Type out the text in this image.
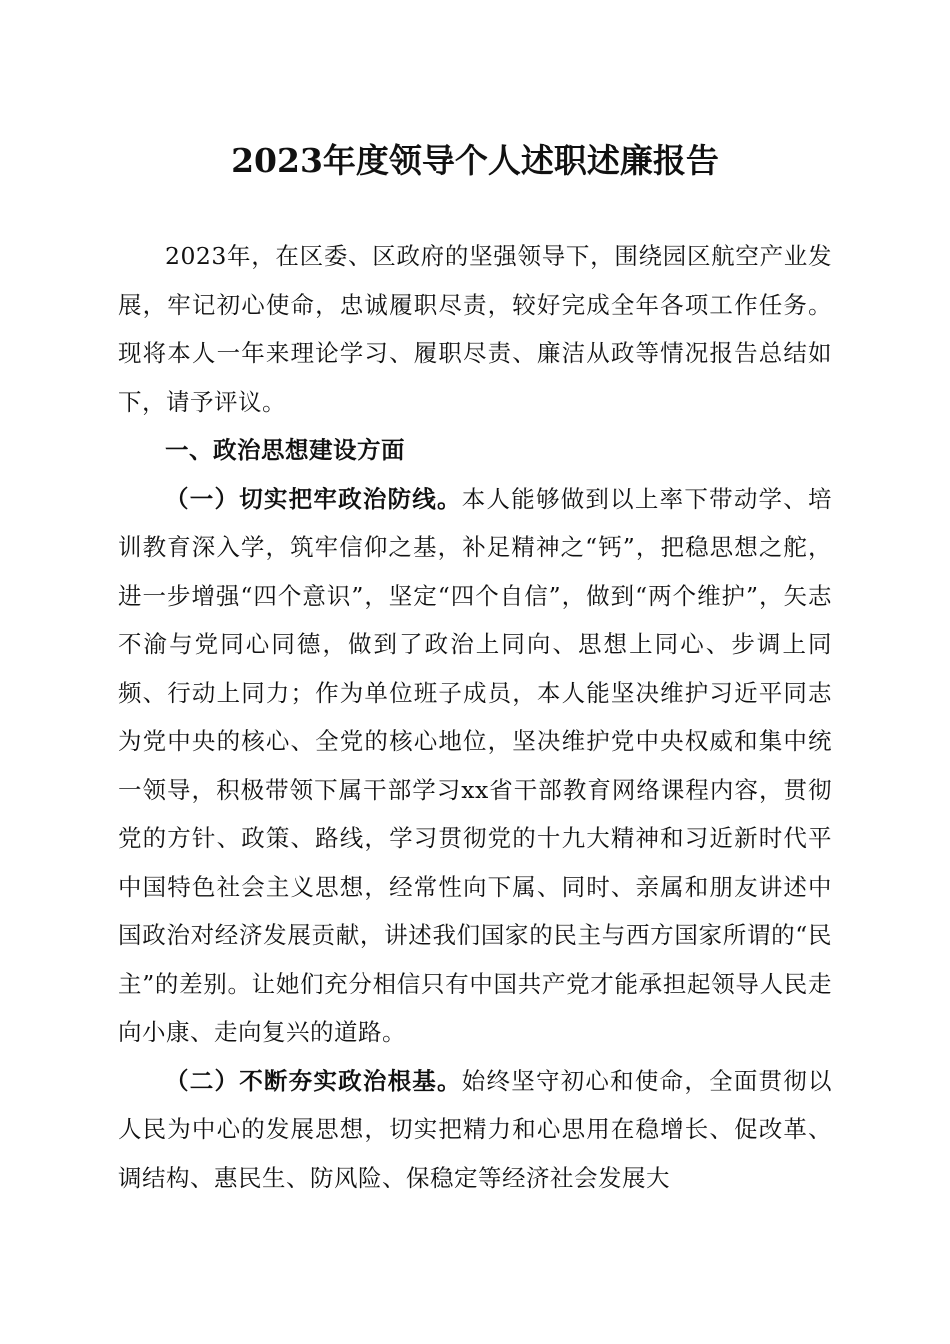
2023年度领导个人述职述廉报告

2023年，在区委、区政府的坚强领导下，围绕园区航空产业发展，牢记初心使命，忠诚履职尽责，较好完成全年各项工作任务。现将本人一年来理论学习、履职尽责、廉洁从政等情况报告总结如下，请予评议。

一、政治思想建设方面

（一）切实把牢政治防线。本人能够做到以上率下带动学、培训教育深入学，筑牢信仰之基，补足精神之“钙”，把稳思想之舵，进一步增强“四个意识”，坚定“四个自信”，做到“两个维护”，矢志不渝与党同心同德，做到了政治上同向、思想上同心、步调上同频、行动上同力；作为单位班子成员，本人能坚决维护习近平同志为党中央的核心、全党的核心地位，坚决维护党中央权威和集中统一领导，积极带领下属干部学习xx省干部教育网络课程内容，贯彻党的方针、政策、路线，学习贯彻党的十九大精神和习近新时代平中国特色社会主义思想，经常性向下属、同时、亲属和朋友讲述中国政治对经济发展贡献，讲述我们国家的民主与西方国家所谓的“民主”的差别。让她们充分相信只有中国共产党才能承担起领导人民走向小康、走向复兴的道路。

（二）不断夯实政治根基。始终坚守初心和使命，全面贯彻以人民为中心的发展思想，切实把精力和心思用在稳增长、促改革、调结构、惠民生、防风险、保稳定等经济社会发展大
